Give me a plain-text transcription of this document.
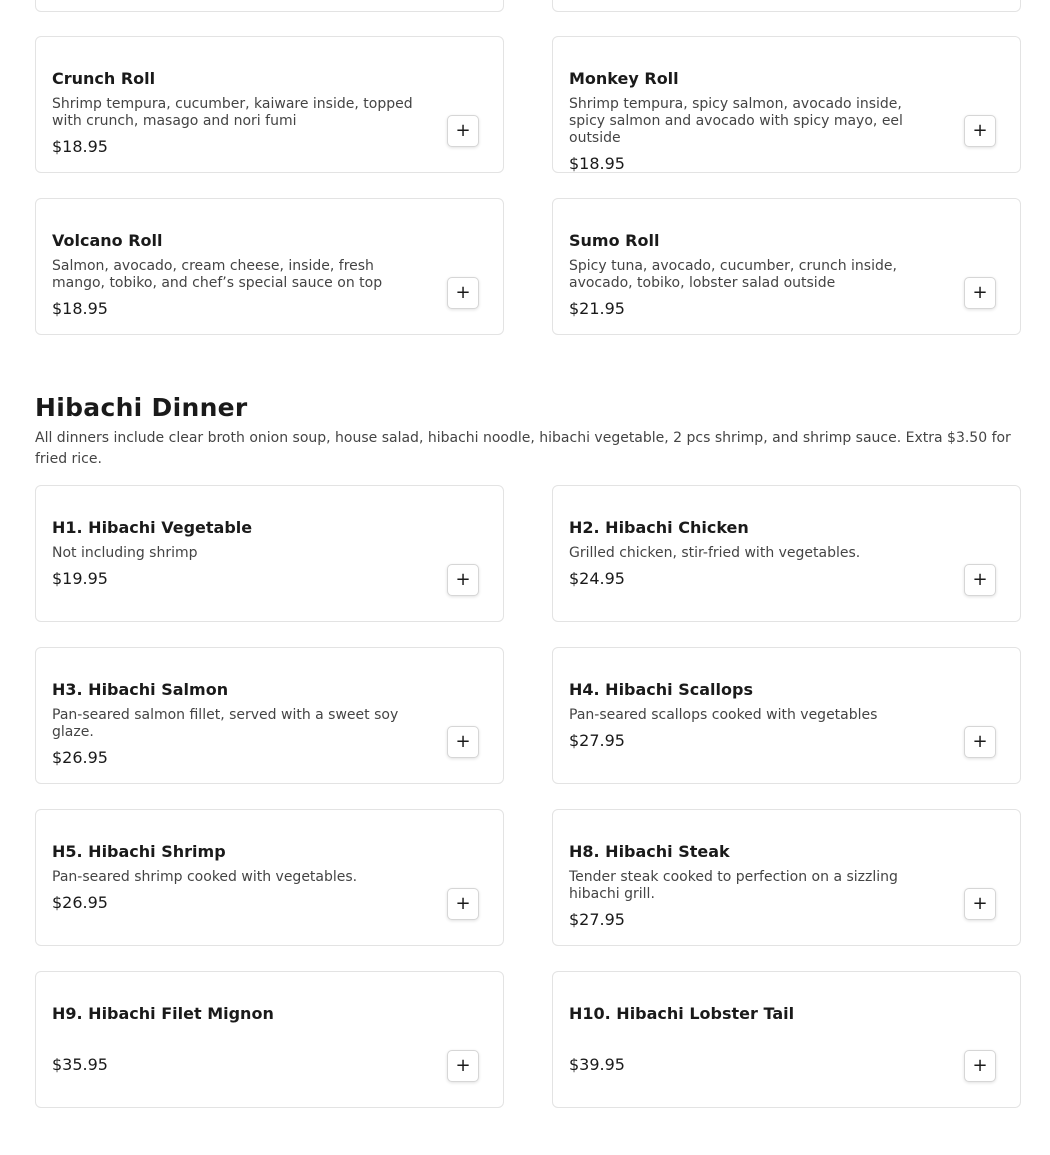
Crunch Roll
Shrimp tempura, cucumber, kaiware inside, topped with crunch, masago and nori fumi
$18.95
+
Monkey Roll
Shrimp tempura, spicy salmon, avocado inside, spicy salmon and avocado with spicy mayo, eel outside
$18.95
+
Volcano Roll
Salmon, avocado, cream cheese, inside, fresh mango, tobiko, and chef’s special sauce on top
$18.95
+
Sumo Roll
Spicy tuna, avocado, cucumber, crunch inside, avocado, tobiko, lobster salad outside
$21.95
+
Hibachi Dinner
All dinners include clear broth onion soup, house salad, hibachi noodle, hibachi vegetable, 2 pcs shrimp, and shrimp sauce. Extra $3.50 for fried rice.
H1. Hibachi Vegetable
Not including shrimp
$19.95	+
H2. Hibachi Chicken
Grilled chicken, stir-fried with vegetables.
$24.95	+
H3. Hibachi Salmon
Pan-seared salmon fillet, served with a sweet soy glaze.
$26.95
+
H4. Hibachi Scallops
Pan-seared scallops cooked with vegetables
$27.95	+
H5. Hibachi Shrimp
Pan-seared shrimp cooked with vegetables.
$26.95	+
H8. Hibachi Steak
Tender steak cooked to perfection on a sizzling hibachi grill.
$27.95
+
H9. Hibachi Filet Mignon
$35.95	+
H10. Hibachi Lobster Tail
$39.95	+
